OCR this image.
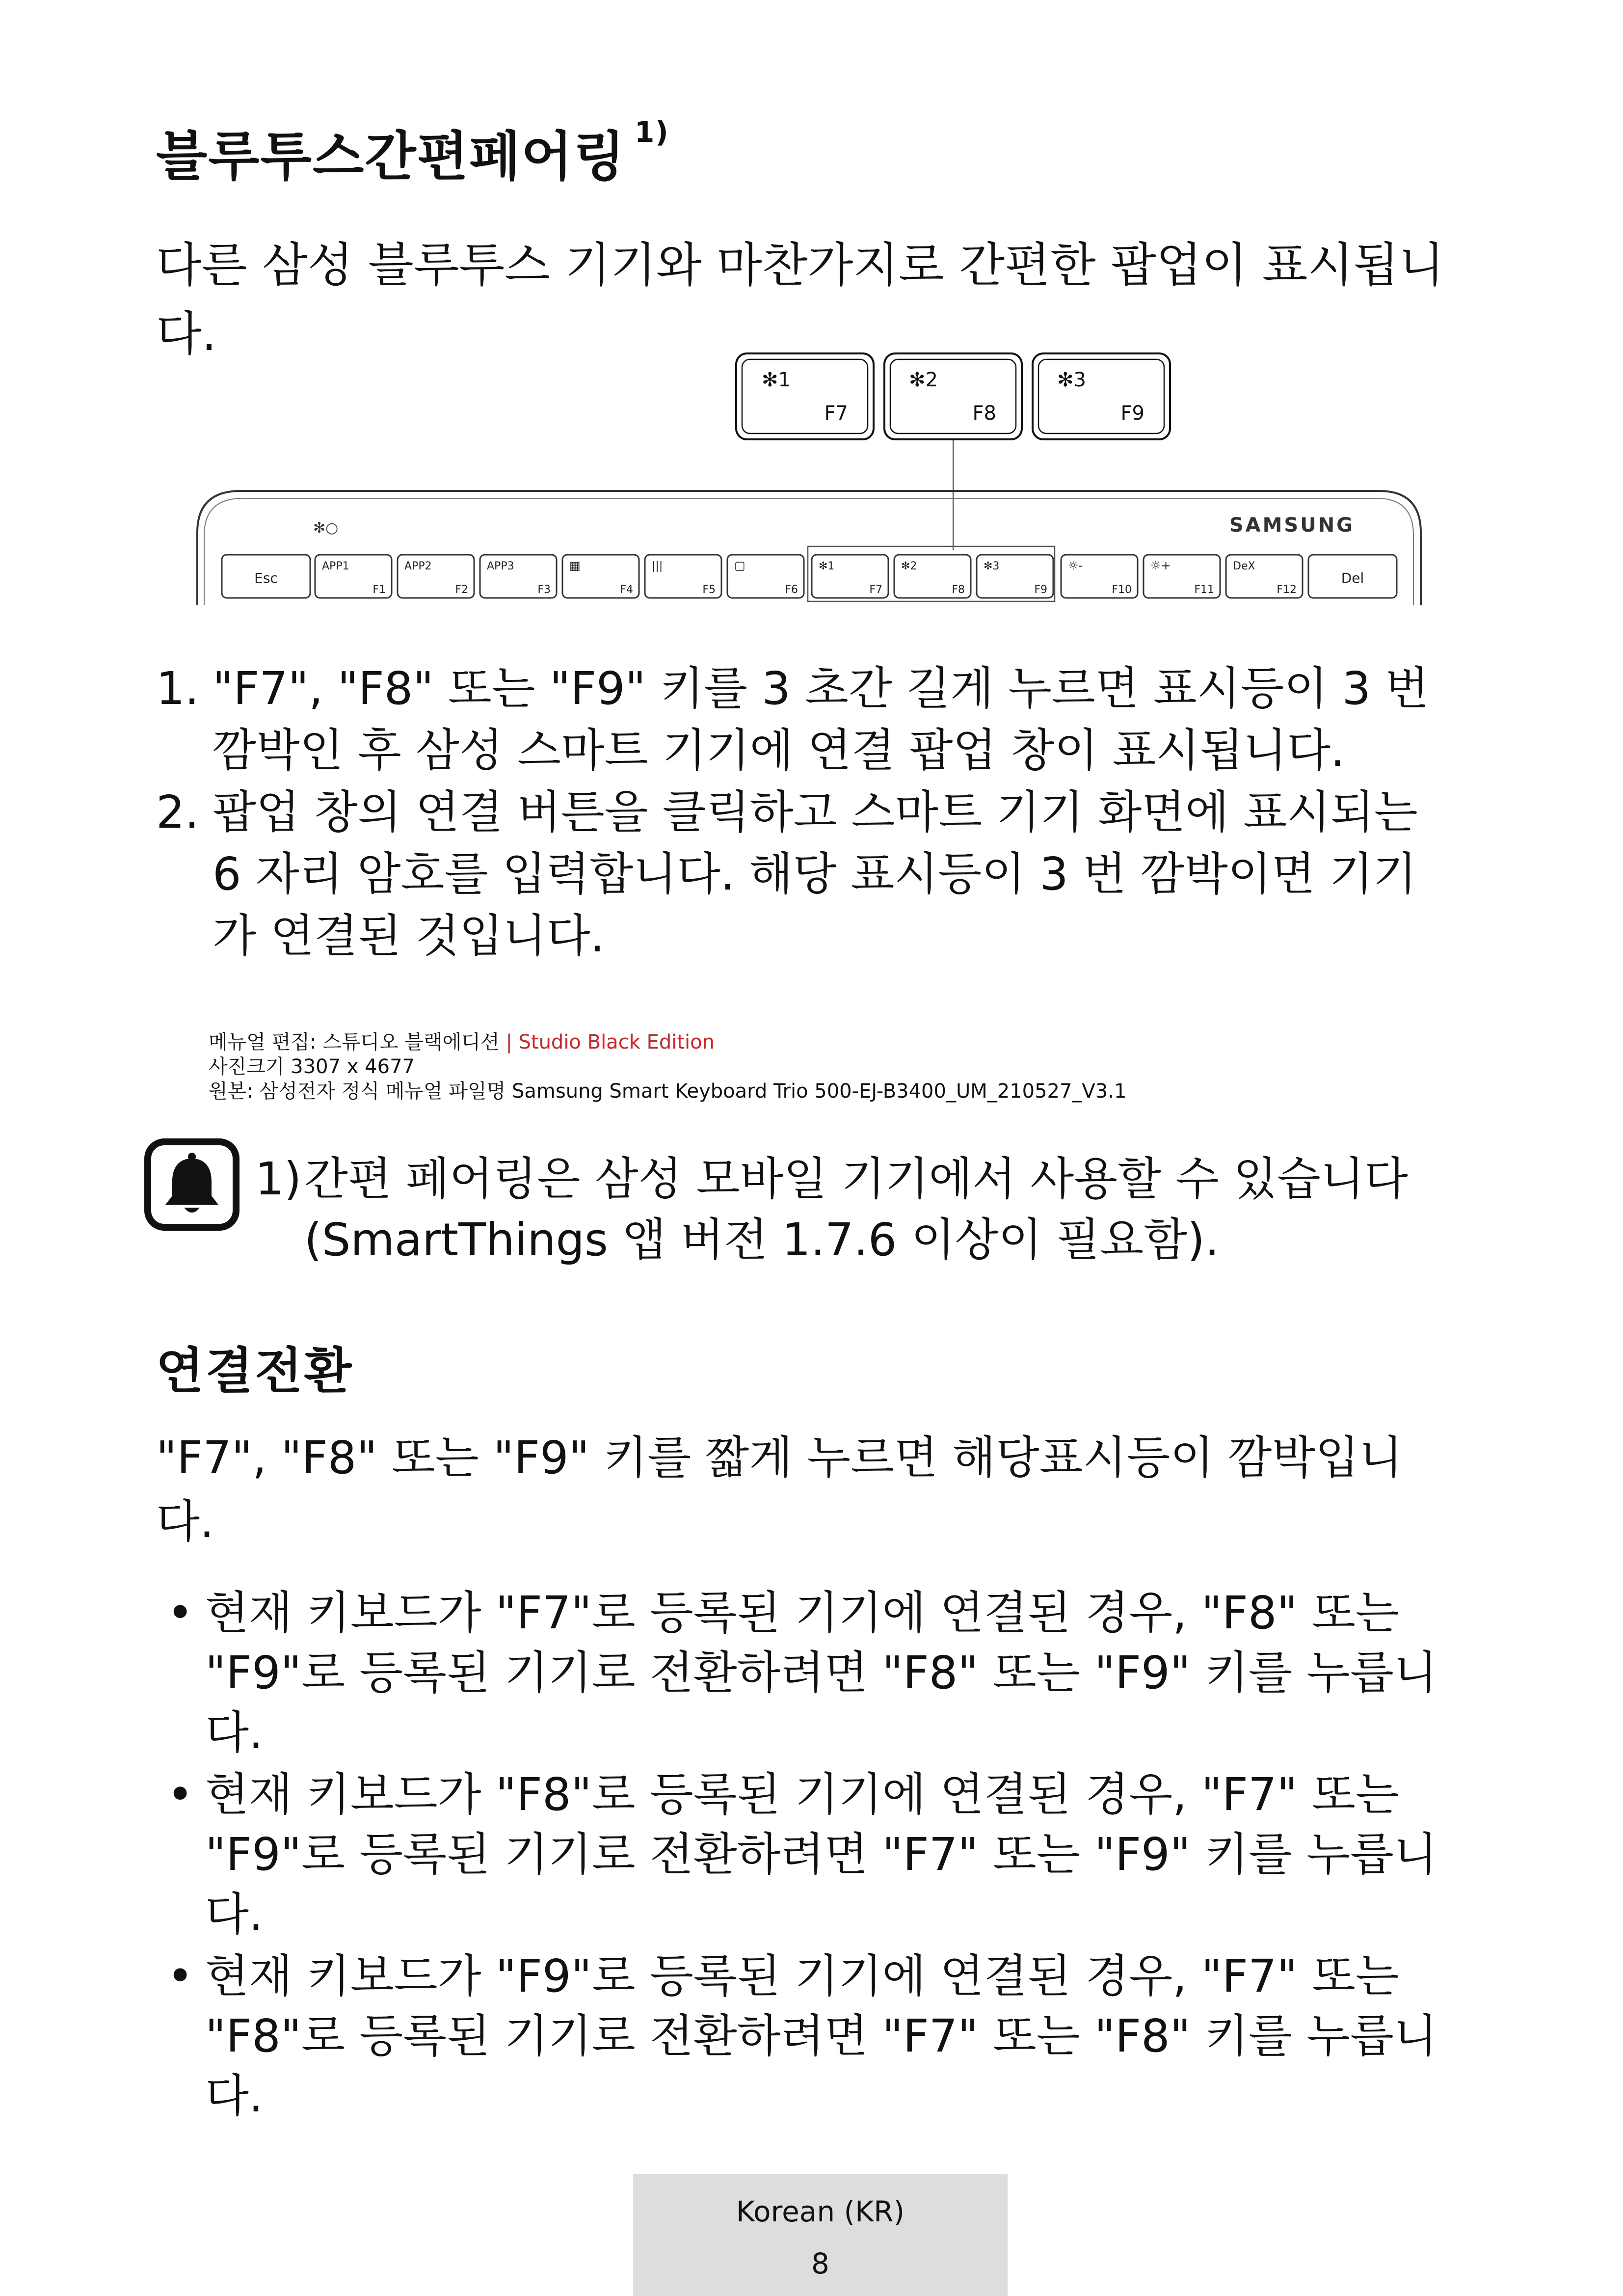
블루투스간편페어링 $^{1)}$
다른 삼성 블루투스 기기와 마찬가지로 간편한 팝업이 표시됩니다.
✻1
F7
✻2
F8
✻3
F9
✻○	SAMSUNG
Esc
APP1
F1
APP2
F2
APP3
F3
▦
F4
|||
F5
▢
F6
✻1
F7
✻2
F8
✻3
F9
☼-
F10
☼+
F11
DeX
F12
Del
1. "F7", "F8" 또는 "F9" 키를 3 초간 길게 누르면 표시등이 3 번 깜박인 후 삼성 스마트 기기에 연결 팝업 창이 표시됩니다.
2. 팝업 창의 연결 버튼을 클릭하고 스마트 기기 화면에 표시되는 6 자리 암호를 입력합니다. 해당 표시등이 3 번 깜박이면 기기가 연결된 것입니다.
메뉴얼 편집: 스튜디오 블랙에디션 | Studio Black Edition
사진크기 3307 x 4677
원본: 삼성전자 정식 메뉴얼 파일명 Samsung Smart Keyboard Trio 500-EJ-B3400_UM_210527_V3.1
1) 간편 페어링은 삼성 모바일 기기에서 사용할 수 있습니다
(SmartThings 앱 버전 1.7.6 이상이 필요함).
연결전환
"F7", "F8" 또는 "F9" 키를 짧게 누르면 해당표시등이 깜박입니다.
• 현재 키보드가 "F7"로 등록된 기기에 연결된 경우, "F8" 또는 "F9"로 등록된 기기로 전환하려면 "F8" 또는 "F9" 키를 누릅니다.
• 현재 키보드가 "F8"로 등록된 기기에 연결된 경우, "F7" 또는 "F9"로 등록된 기기로 전환하려면 "F7" 또는 "F9" 키를 누릅니다.
• 현재 키보드가 "F9"로 등록된 기기에 연결된 경우, "F7" 또는 "F8"로 등록된 기기로 전환하려면 "F7" 또는 "F8" 키를 누릅니다.
Korean (KR)
8
